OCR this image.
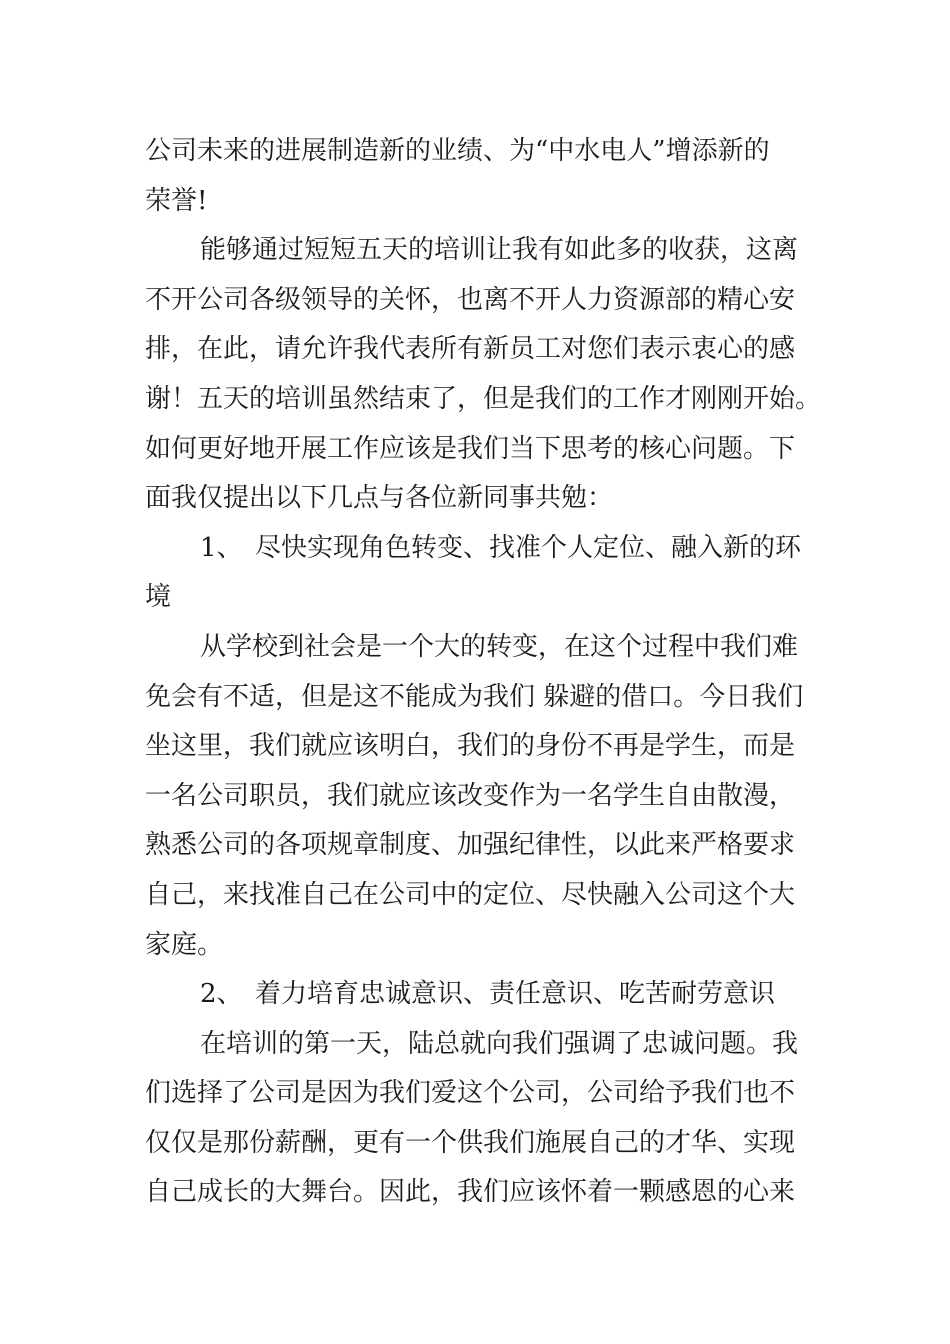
公司未来的进展制造新的业绩、为“中水电人”增添新的
荣誉!
能够通过短短五天的培训让我有如此多的收获，这离
不开公司各级领导的关怀，也离不开人力资源部的精心安
排，在此，请允许我代表所有新员工对您们表示衷心的感
谢！五天的培训虽然结束了，但是我们的工作才刚刚开始。
如何更好地开展工作应该是我们当下思考的核心问题。下
面我仅提出以下几点与各位新同事共勉：
1、 尽快实现角色转变、找准个人定位、融入新的环
境
从学校到社会是一个大的转变，在这个过程中我们难
免会有不适，但是这不能成为我们 躲避的借口。今日我们
坐这里，我们就应该明白，我们的身份不再是学生，而是
一名公司职员，我们就应该改变作为一名学生自由散漫，
熟悉公司的各项规章制度、加强纪律性，以此来严格要求
自己，来找准自己在公司中的定位、尽快融入公司这个大
家庭。
2、 着力培育忠诚意识、责任意识、吃苦耐劳意识
在培训的第一天，陆总就向我们强调了忠诚问题。我
们选择了公司是因为我们爱这个公司，公司给予我们也不
仅仅是那份薪酬，更有一个供我们施展自己的才华、实现
自己成长的大舞台。因此，我们应该怀着一颗感恩的心来
